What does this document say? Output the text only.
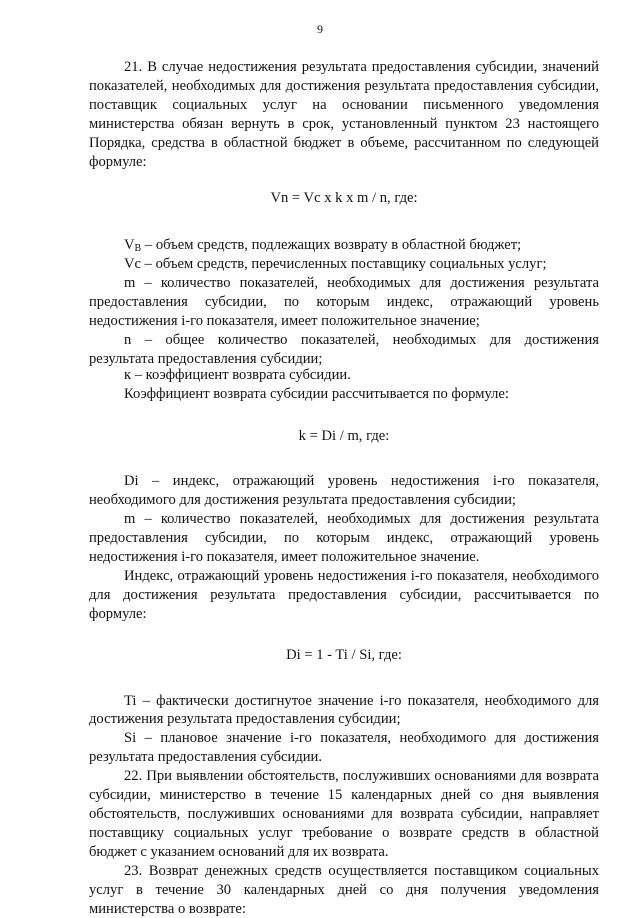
9

21. В случае недостижения результата предоставления субсидии, значений показателей, необходимых для достижения результата предоставления субсидии, поставщик социальных услуг на основании письменного уведомления министерства обязан вернуть в срок, установленный пунктом 23 настоящего Порядка, средства в областной бюджет в объеме, рассчитанном по следующей формуле:

Vn = Vc x k x m / n, где:

$V_B$ – объем средств, подлежащих возврату в областной бюджет;

Vc – объем средств, перечисленных поставщику социальных услуг;

m – количество показателей, необходимых для достижения результата предоставления субсидии, по которым индекс, отражающий уровень недостижения i-го показателя, имеет положительное значение;

n – общее количество показателей, необходимых для достижения результата предоставления субсидии;

к – коэффициент возврата субсидии.

Коэффициент возврата субсидии рассчитывается по формуле:

k = Di / m, где:

Di – индекс, отражающий уровень недостижения i-го показателя, необходимого для достижения результата предоставления субсидии;

m – количество показателей, необходимых для достижения результата предоставления субсидии, по которым индекс, отражающий уровень недостижения i-го показателя, имеет положительное значение.

Индекс, отражающий уровень недостижения i-го показателя, необходимого для достижения результата предоставления субсидии, рассчитывается по формуле:

Di = 1 - Ti / Si, где:

Ti – фактически достигнутое значение i-го показателя, необходимого для достижения результата предоставления субсидии;

Si – плановое значение i-го показателя, необходимого для достижения результата предоставления субсидии.

22. При выявлении обстоятельств, послуживших основаниями для возврата субсидии, министерство в течение 15 календарных дней со дня выявления обстоятельств, послуживших основаниями для возврата субсидии, направляет поставщику социальных услуг требование о возврате средств в областной бюджет с указанием оснований для их возврата.

23. Возврат денежных средств осуществляется поставщиком социальных услуг в течение 30 календарных дней со дня получения уведомления министерства о возврате:
